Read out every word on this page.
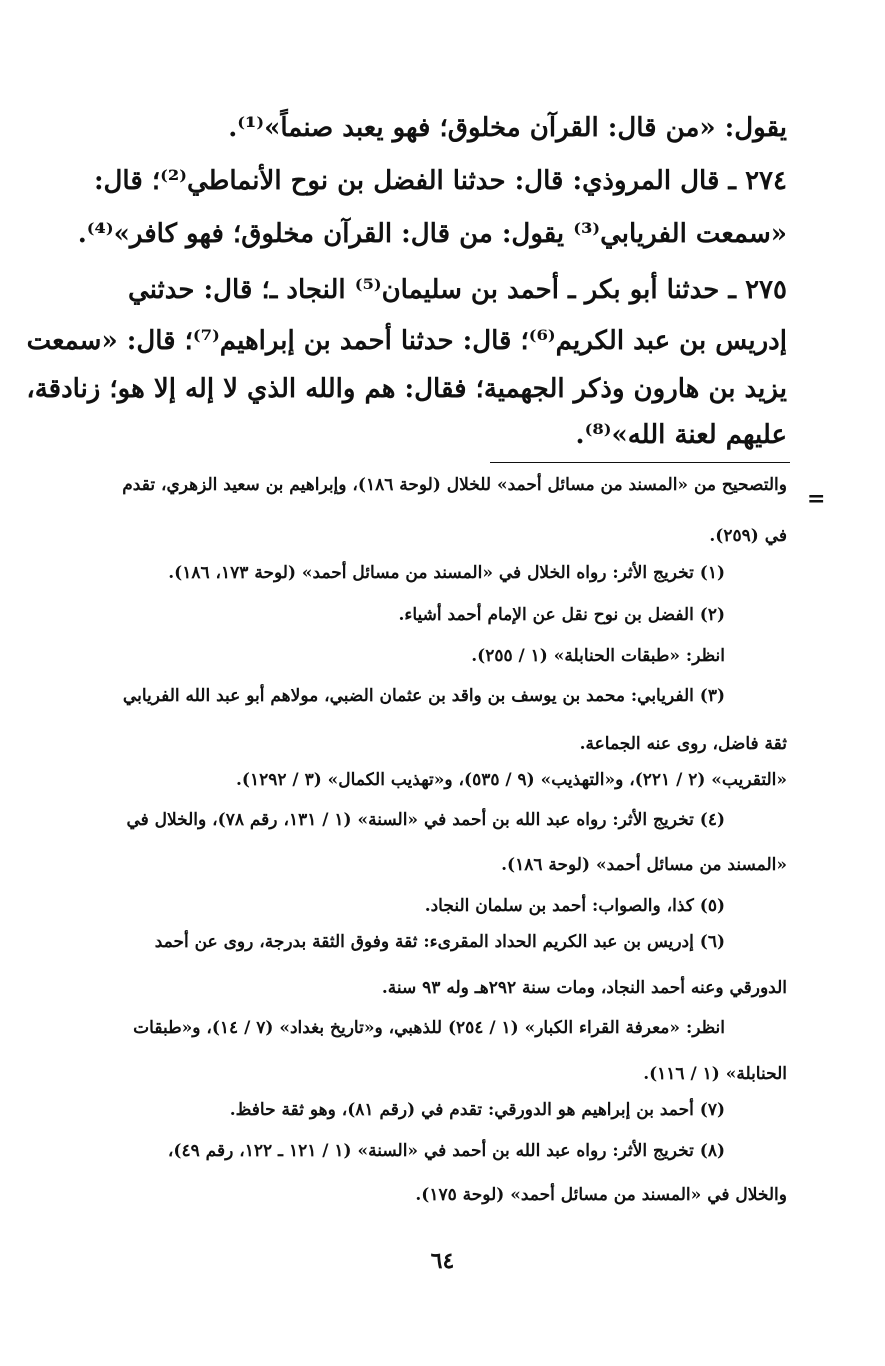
يقول: «من قال: القرآن مخلوق؛ فهو يعبد صنماً»⁽¹⁾.
٢٧٤ ـ قال المروذي: قال: حدثنا الفضل بن نوح الأنماطي⁽²⁾؛ قال:
«سمعت الفريابي⁽³⁾ يقول: من قال: القرآن مخلوق؛ فهو كافر»⁽⁴⁾.
٢٧٥ ـ حدثنا أبو بكر ـ أحمد بن سليمان⁽⁵⁾ النجاد ـ؛ قال: حدثني
إدريس بن عبد الكريم⁽⁶⁾؛ قال: حدثنا أحمد بن إبراهيم⁽⁷⁾؛ قال: «سمعت
يزيد بن هارون وذكر الجهمية؛ فقال: هم والله الذي لا إله إلا هو؛ زنادقة،
عليهم لعنة الله»⁽⁸⁾.
=
والتصحيح من «المسند من مسائل أحمد» للخلال (لوحة ١٨٦)، وإبراهيم بن سعيد الزهري، تقدم
في (٢٥٩).
(١) تخريج الأثر: رواه الخلال في «المسند من مسائل أحمد» (لوحة ١٧٣، ١٨٦).
(٢) الفضل بن نوح نقل عن الإمام أحمد أشياء.
انظر: «طبقات الحنابلة» (١ / ٢٥٥).
(٣) الفريابي: محمد بن يوسف بن واقد بن عثمان الضبي، مولاهم أبو عبد الله الفريابي
ثقة فاضل، روى عنه الجماعة.
«التقريب» (٢ / ٢٢١)، و«التهذيب» (٩ / ٥٣٥)، و«تهذيب الكمال» (٣ / ١٢٩٢).
(٤) تخريج الأثر: رواه عبد الله بن أحمد في «السنة» (١ / ١٣١، رقم ٧٨)، والخلال في
«المسند من مسائل أحمد» (لوحة ١٨٦).
(٥) كذا، والصواب: أحمد بن سلمان النجاد.
(٦) إدريس بن عبد الكريم الحداد المقرىء: ثقة وفوق الثقة بدرجة، روى عن أحمد
الدورقي وعنه أحمد النجاد، ومات سنة ٢٩٢هـ وله ٩٣ سنة.
انظر: «معرفة القراء الكبار» (١ / ٢٥٤) للذهبي، و«تاريخ بغداد» (٧ / ١٤)، و«طبقات
الحنابلة» (١ / ١١٦).
(٧) أحمد بن إبراهيم هو الدورقي: تقدم في (رقم ٨١)، وهو ثقة حافظ.
(٨) تخريج الأثر: رواه عبد الله بن أحمد في «السنة» (١ / ١٢١ ـ ١٢٢، رقم ٤٩)،
والخلال في «المسند من مسائل أحمد» (لوحة ١٧٥).
٦٤
